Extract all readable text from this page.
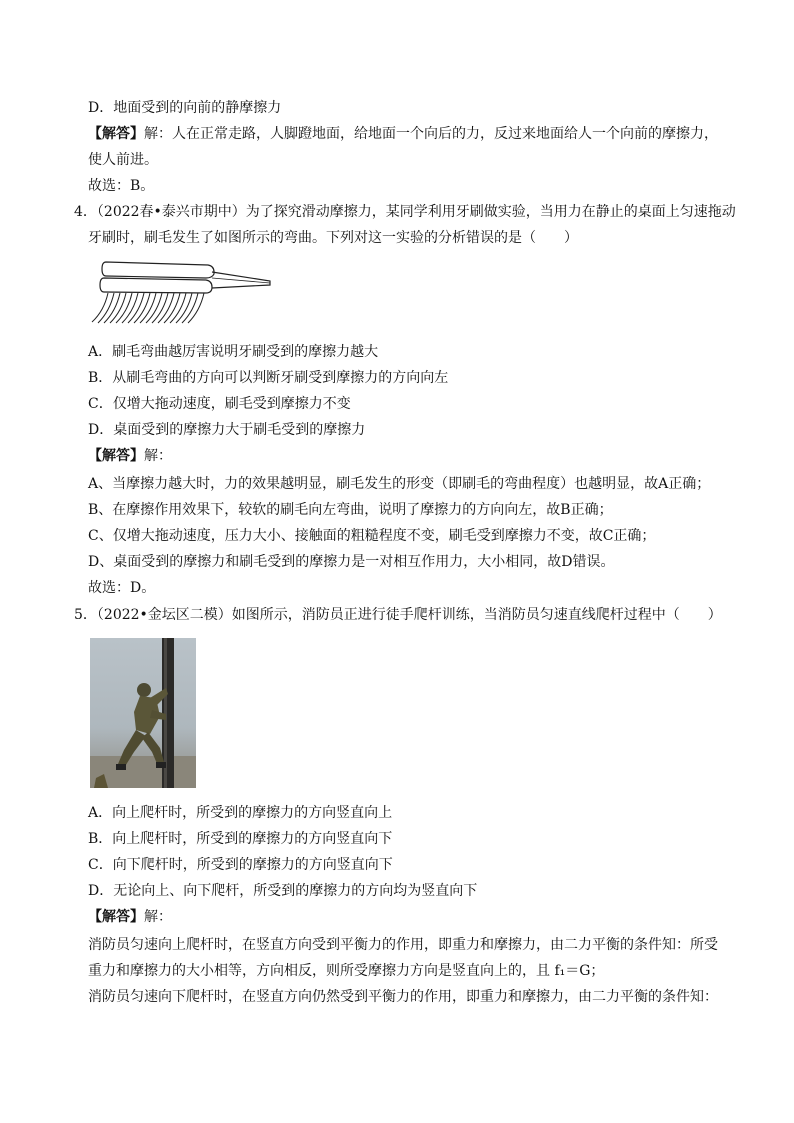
D．地面受到的向前的静摩擦力
【解答】解：人在正常走路，人脚蹬地面，给地面一个向后的力，反过来地面给人一个向前的摩擦力，
使人前进。
故选：B。
4．（2022春•泰兴市期中）为了探究滑动摩擦力，某同学利用牙刷做实验，当用力在静止的桌面上匀速拖动
牙刷时，刷毛发生了如图所示的弯曲。下列对这一实验的分析错误的是（　　）
A．刷毛弯曲越厉害说明牙刷受到的摩擦力越大
B．从刷毛弯曲的方向可以判断牙刷受到摩擦力的方向向左
C．仅增大拖动速度，刷毛受到摩擦力不变
D．桌面受到的摩擦力大于刷毛受到的摩擦力
【解答】解：
A、当摩擦力越大时，力的效果越明显，刷毛发生的形变（即刷毛的弯曲程度）也越明显，故A正确；
B、在摩擦作用效果下，较软的刷毛向左弯曲，说明了摩擦力的方向向左，故B正确；
C、仅增大拖动速度，压力大小、接触面的粗糙程度不变，刷毛受到摩擦力不变，故C正确；
D、桌面受到的摩擦力和刷毛受到的摩擦力是一对相互作用力，大小相同，故D错误。
故选：D。
5．（2022•金坛区二模）如图所示，消防员正进行徒手爬杆训练，当消防员匀速直线爬杆过程中（　　）
A．向上爬杆时，所受到的摩擦力的方向竖直向上
B．向上爬杆时，所受到的摩擦力的方向竖直向下
C．向下爬杆时，所受到的摩擦力的方向竖直向下
D．无论向上、向下爬杆，所受到的摩擦力的方向均为竖直向下
【解答】解：
消防员匀速向上爬杆时，在竖直方向受到平衡力的作用，即重力和摩擦力，由二力平衡的条件知：所受
重力和摩擦力的大小相等，方向相反，则所受摩擦力方向是竖直向上的，且 f₁＝G；
消防员匀速向下爬杆时，在竖直方向仍然受到平衡力的作用，即重力和摩擦力，由二力平衡的条件知：
